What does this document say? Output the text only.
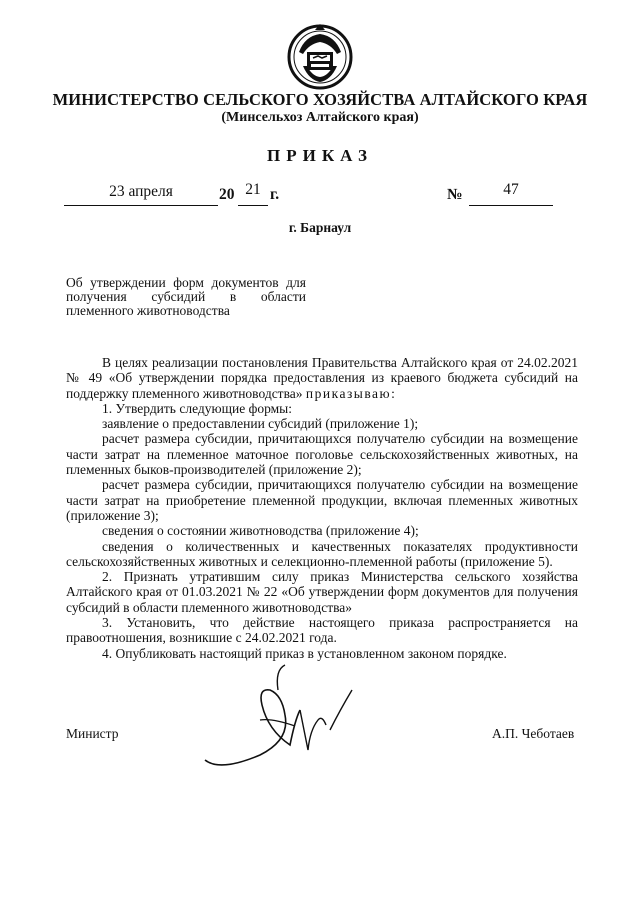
МИНИСТЕРСТВО СЕЛЬСКОГО ХОЗЯЙСТВА АЛТАЙСКОГО КРАЯ
(Минсельхоз Алтайского края)
ПРИКАЗ
23 апреля	20 21 г.	№	47
г. Барнаул
Об утверждении форм документов для получения субсидий в области племенного животноводства

В целях реализации постановления Правительства Алтайского края от 24.02.2021 № 49 «Об утверждении порядка предоставления из краевого бюджета субсидий на поддержку племенного животноводства» приказываю:

1. Утвердить следующие формы:

заявление о предоставлении субсидий (приложение 1);

расчет размера субсидии, причитающихся получателю субсидии на возмещение части затрат на племенное маточное поголовье сельскохозяйственных животных, на племенных быков-производителей (приложение 2);

расчет размера субсидии, причитающихся получателю субсидии на возмещение части затрат на приобретение племенной продукции, включая племенных животных (приложение 3);

сведения о состоянии животноводства (приложение 4);

сведения о количественных и качественных показателях продуктивности сельскохозяйственных животных и селекционно-племенной работы (приложение 5).

2. Признать утратившим силу приказ Министерства сельского хозяйства Алтайского края от 01.03.2021 № 22 «Об утверждении форм документов для получения субсидий в области племенного животноводства»

3. Установить, что действие настоящего приказа распространяется на правоотношения, возникшие с 24.02.2021 года.

4. Опубликовать настоящий приказ в установленном законом порядке.

Министр	А.П. Чеботаев
